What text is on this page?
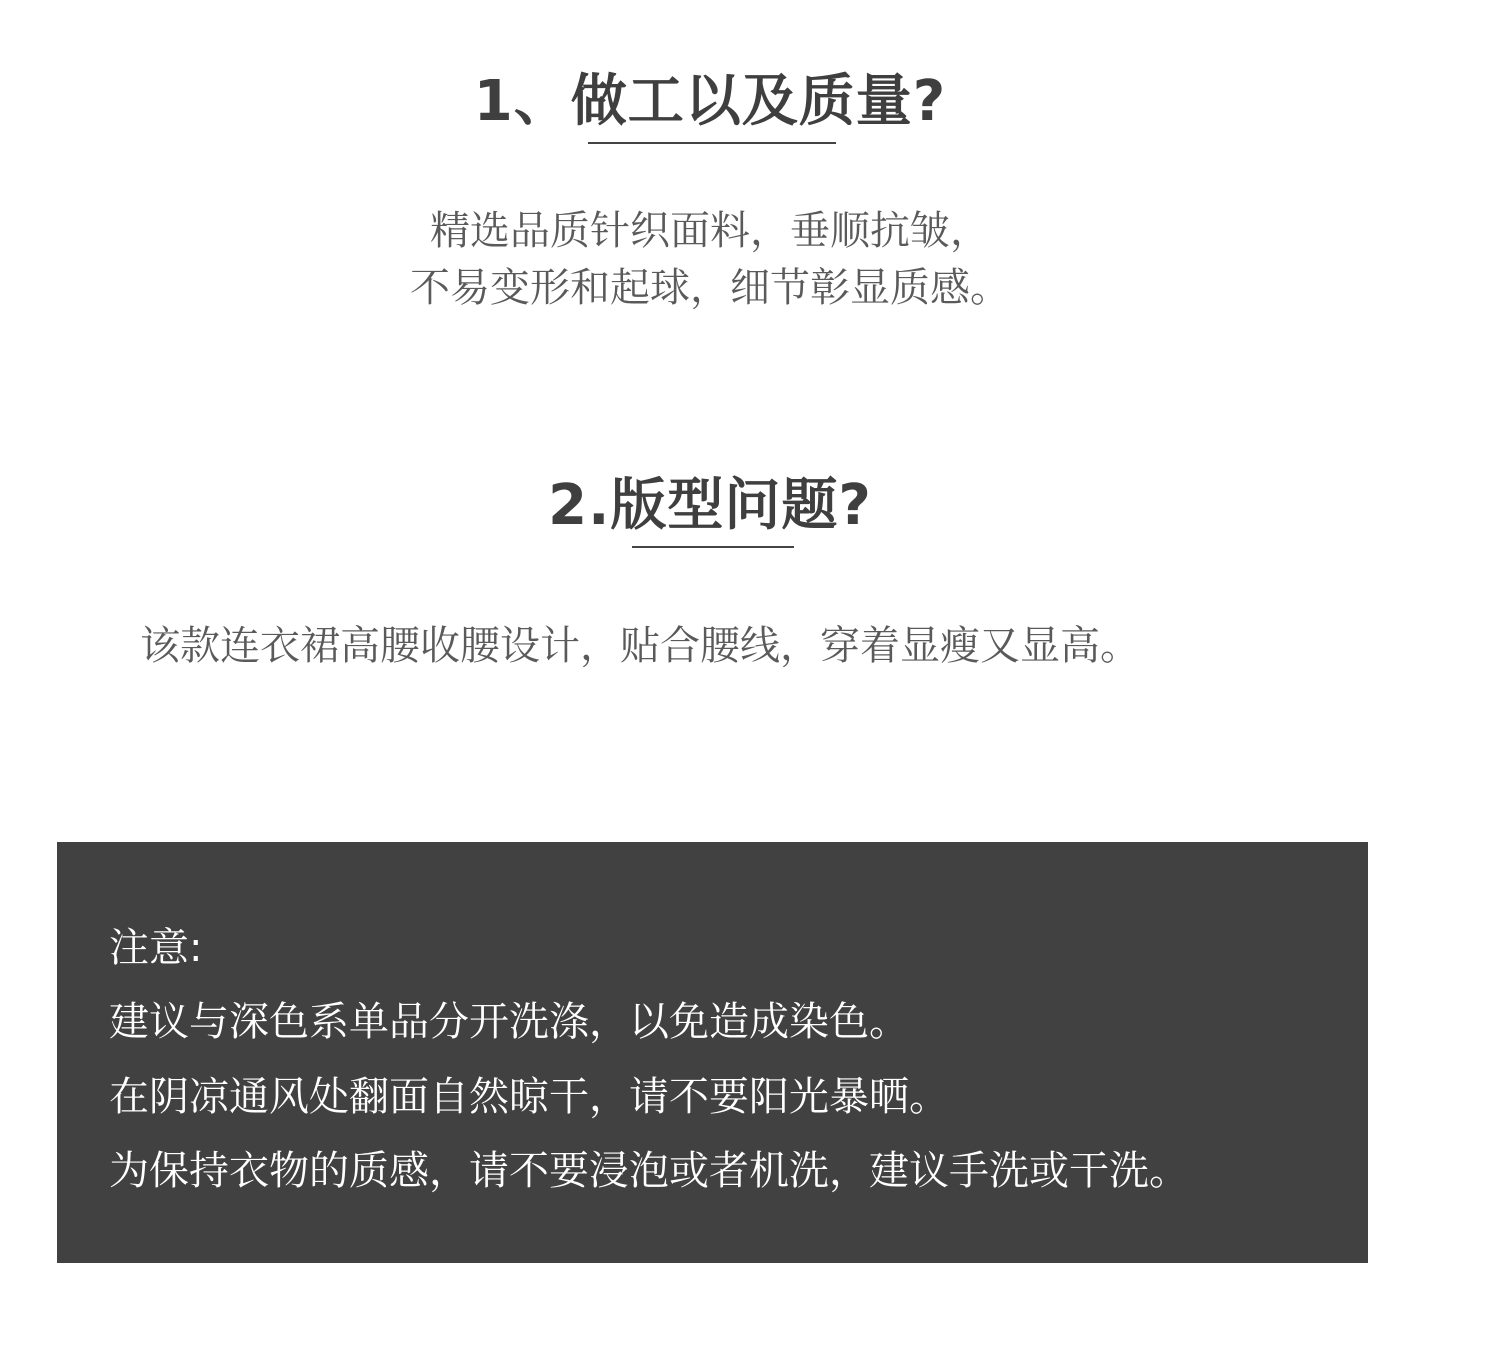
1、做工以及质量?
精选品质针织面料，垂顺抗皱，
不易变形和起球，细节彰显质感。
2.版型问题?
该款连衣裙高腰收腰设计，贴合腰线，穿着显瘦又显高。
注意:
建议与深色系单品分开洗涤，以免造成染色。
在阴凉通风处翻面自然晾干，请不要阳光暴晒。
为保持衣物的质感，请不要浸泡或者机洗，建议手洗或干洗。
